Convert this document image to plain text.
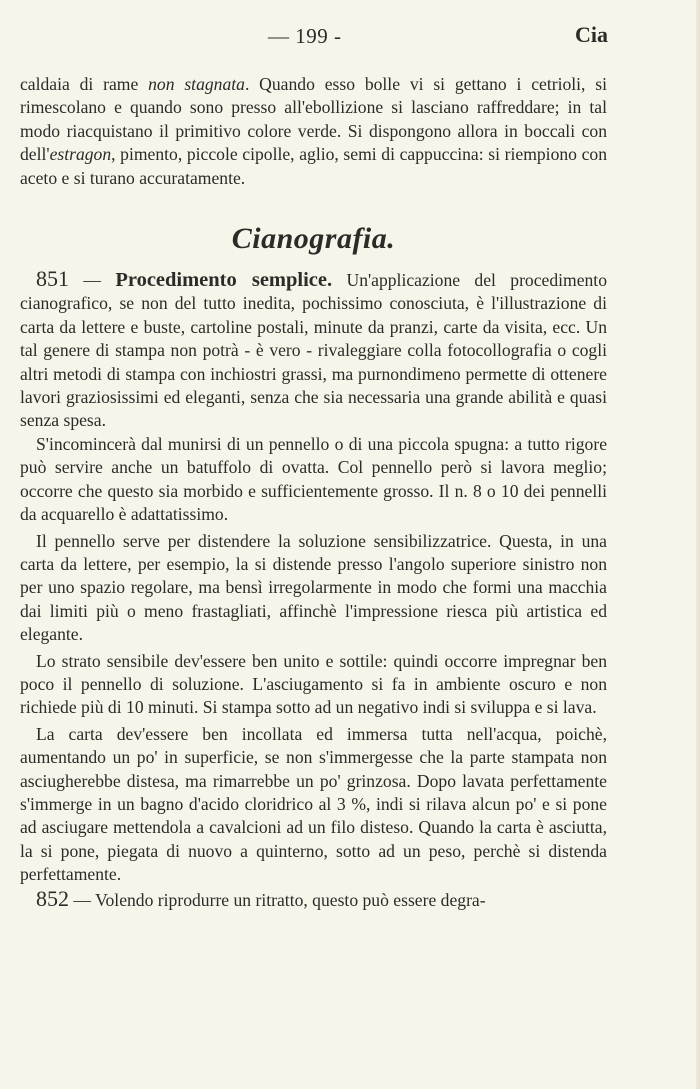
— 199 -	Cia

caldaia di rame non stagnata. Quando esso bolle vi si gettano i cetrioli, si rimescolano e quando sono presso all'ebollizione si lasciano raffreddare; in tal modo riacquistano il primitivo colore verde. Si dispongono allora in boccali con dell'estragon, pimento, piccole cipolle, aglio, semi di cappuccina: si riempiono con aceto e si turano accuratamente.

Cianografia.

851 — Procedimento semplice. Un'applicazione del procedimento cianografico, se non del tutto inedita, pochissimo conosciuta, è l'illustrazione di carta da lettere e buste, cartoline postali, minute da pranzi, carte da visita, ecc. Un tal genere di stampa non potrà - è vero - rivaleggiare colla fotocollografia o cogli altri metodi di stampa con inchiostri grassi, ma purnondimeno permette di ottenere lavori graziosissimi ed eleganti, senza che sia necessaria una grande abilità e quasi senza spesa.

S'incomincerà dal munirsi di un pennello o di una piccola spugna: a tutto rigore può servire anche un batuffolo di ovatta. Col pennello però si lavora meglio; occorre che questo sia morbido e sufficientemente grosso. Il n. 8 o 10 dei pennelli da acquarello è adattatissimo.

Il pennello serve per distendere la soluzione sensibilizzatrice. Questa, in una carta da lettere, per esempio, la si distende presso l'angolo superiore sinistro non per uno spazio regolare, ma bensì irregolarmente in modo che formi una macchia dai limiti più o meno frastagliati, affinchè l'impressione riesca più artistica ed elegante.

Lo strato sensibile dev'essere ben unito e sottile: quindi occorre impregnar ben poco il pennello di soluzione. L'asciugamento si fa in ambiente oscuro e non richiede più di 10 minuti. Si stampa sotto ad un negativo indi si sviluppa e si lava.

La carta dev'essere ben incollata ed immersa tutta nell'acqua, poichè, aumentando un po' in superficie, se non s'immergesse che la parte stampata non asciugherebbe distesa, ma rimarrebbe un po' grinzosa. Dopo lavata perfettamente s'immerge in un bagno d'acido cloridrico al 3 %, indi si rilava alcun po' e si pone ad asciugare mettendola a cavalcioni ad un filo disteso. Quando la carta è asciutta, la si pone, piegata di nuovo a quinterno, sotto ad un peso, perchè si distenda perfettamente.

852 — Volendo riprodurre un ritratto, questo può essere degra-
